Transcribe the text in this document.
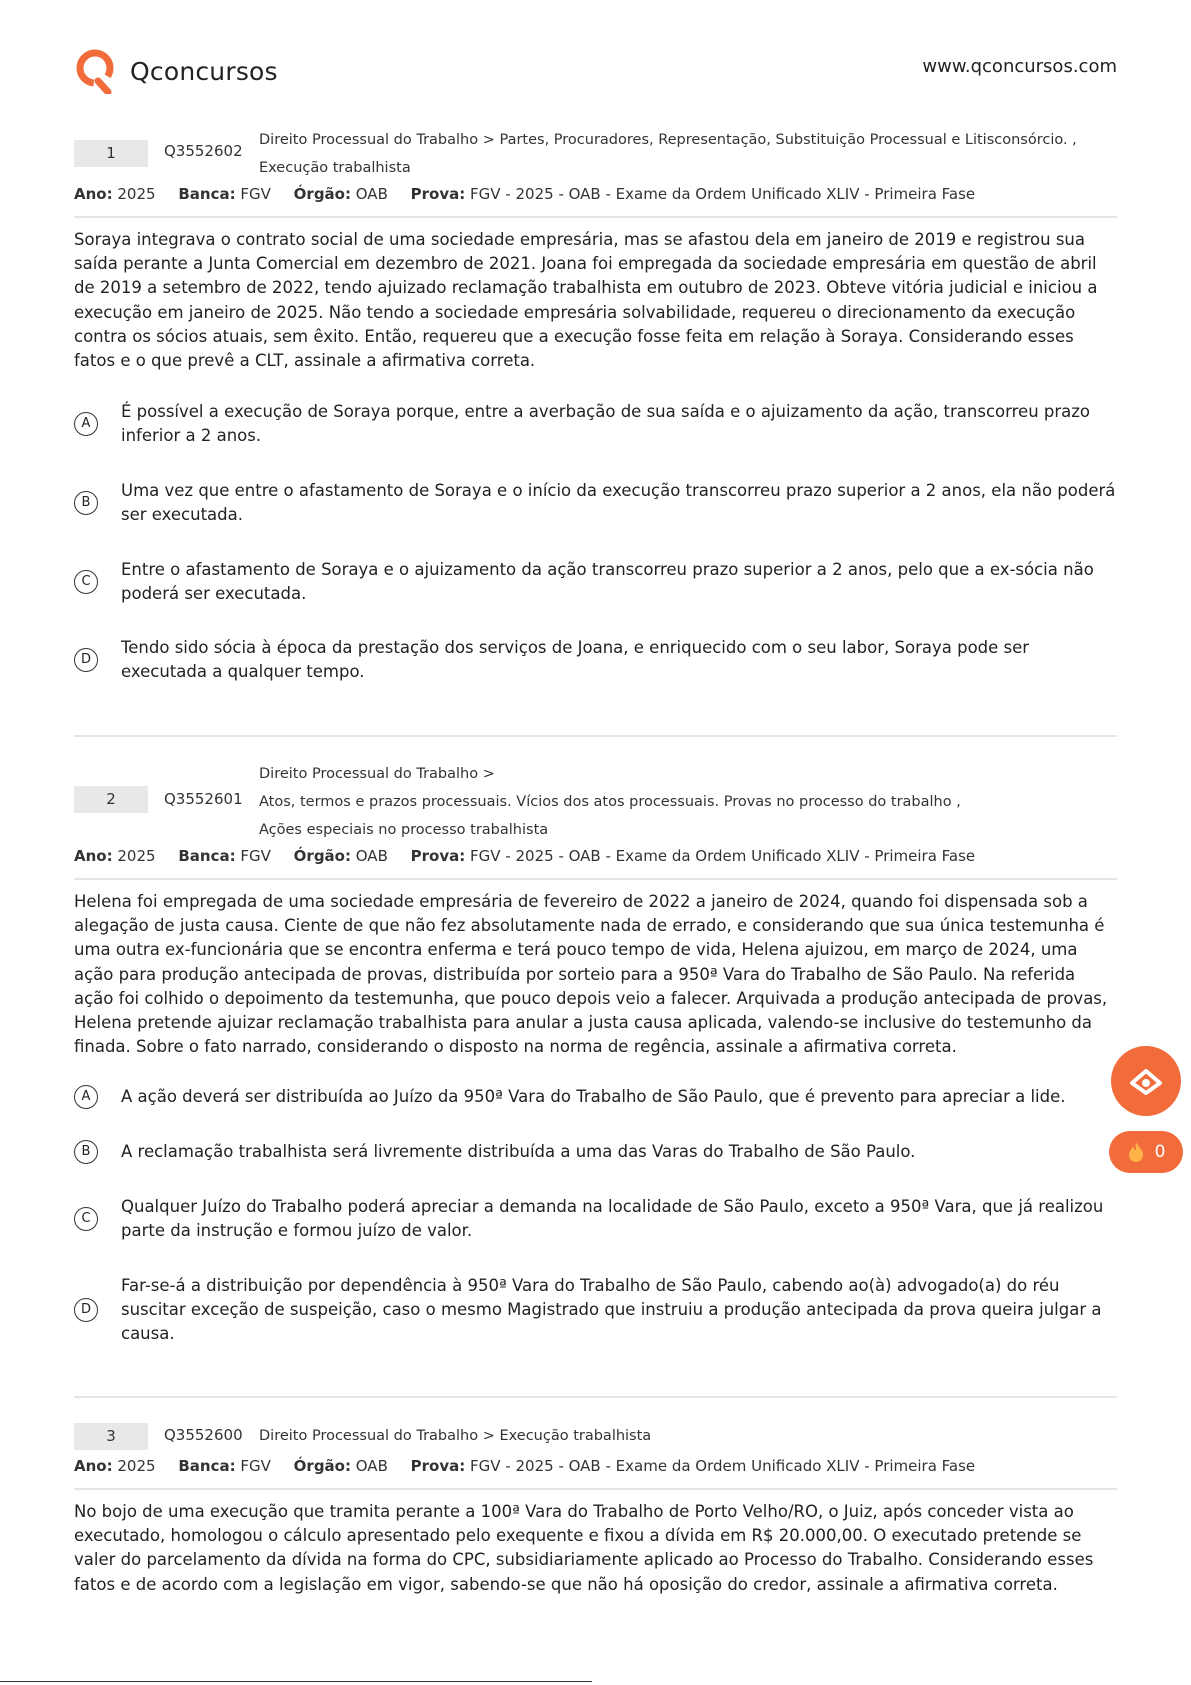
Qconcursos	www.qconcursos.com
1	Q3552602
Direito Processual do Trabalho > Partes, Procuradores, Representação, Substituição Processual e Litisconsórcio. ,
Execução trabalhista
Ano: 2025 Banca: FGV Órgão: OAB Prova: FGV - 2025 - OAB - Exame da Ordem Unificado XLIV - Primeira Fase
Soraya integrava o contrato social de uma sociedade empresária, mas se afastou dela em janeiro de 2019 e registrou sua saída perante a Junta Comercial em dezembro de 2021. Joana foi empregada da sociedade empresária em questão de abril de 2019 a setembro de 2022, tendo ajuizado reclamação trabalhista em outubro de 2023. Obteve vitória judicial e iniciou a execução em janeiro de 2025. Não tendo a sociedade empresária solvabilidade, requereu o direcionamento da execução contra os sócios atuais, sem êxito. Então, requereu que a execução fosse feita em relação à Soraya. Considerando esses fatos e o que prevê a CLT, assinale a afirmativa correta.
A
É possível a execução de Soraya porque, entre a averbação de sua saída e o ajuizamento da ação, transcorreu prazo inferior a 2 anos.
B
Uma vez que entre o afastamento de Soraya e o início da execução transcorreu prazo superior a 2 anos, ela não poderá ser executada.
C
Entre o afastamento de Soraya e o ajuizamento da ação transcorreu prazo superior a 2 anos, pelo que a ex-sócia não poderá ser executada.
D
Tendo sido sócia à época da prestação dos serviços de Joana, e enriquecido com o seu labor, Soraya pode ser executada a qualquer tempo.
2	Q3552601
Direito Processual do Trabalho >
Atos, termos e prazos processuais. Vícios dos atos processuais. Provas no processo do trabalho ,
Ações especiais no processo trabalhista
Ano: 2025 Banca: FGV Órgão: OAB Prova: FGV - 2025 - OAB - Exame da Ordem Unificado XLIV - Primeira Fase
Helena foi empregada de uma sociedade empresária de fevereiro de 2022 a janeiro de 2024, quando foi dispensada sob a alegação de justa causa. Ciente de que não fez absolutamente nada de errado, e considerando que sua única testemunha é uma outra ex-funcionária que se encontra enferma e terá pouco tempo de vida, Helena ajuizou, em março de 2024, uma ação para produção antecipada de provas, distribuída por sorteio para a 950ª Vara do Trabalho de São Paulo. Na referida ação foi colhido o depoimento da testemunha, que pouco depois veio a falecer. Arquivada a produção antecipada de provas, Helena pretende ajuizar reclamação trabalhista para anular a justa causa aplicada, valendo-se inclusive do testemunho da finada. Sobre o fato narrado, considerando o disposto na norma de regência, assinale a afirmativa correta.
A	A ação deverá ser distribuída ao Juízo da 950ª Vara do Trabalho de São Paulo, que é prevento para apreciar a lide.
B	A reclamação trabalhista será livremente distribuída a uma das Varas do Trabalho de São Paulo.
C
Qualquer Juízo do Trabalho poderá apreciar a demanda na localidade de São Paulo, exceto a 950ª Vara, que já realizou parte da instrução e formou juízo de valor.
D
Far-se-á a distribuição por dependência à 950ª Vara do Trabalho de São Paulo, cabendo ao(à) advogado(a) do réu suscitar exceção de suspeição, caso o mesmo Magistrado que instruiu a produção antecipada da prova queira julgar a causa.
3	Q3552600 Direito Processual do Trabalho > Execução trabalhista
Ano: 2025 Banca: FGV Órgão: OAB Prova: FGV - 2025 - OAB - Exame da Ordem Unificado XLIV - Primeira Fase
No bojo de uma execução que tramita perante a 100ª Vara do Trabalho de Porto Velho/RO, o Juiz, após conceder vista ao executado, homologou o cálculo apresentado pelo exequente e fixou a dívida em R$ 20.000,00. O executado pretende se valer do parcelamento da dívida na forma do CPC, subsidiariamente aplicado ao Processo do Trabalho. Considerando esses fatos e de acordo com a legislação em vigor, sabendo-se que não há oposição do credor, assinale a afirmativa correta.
0
